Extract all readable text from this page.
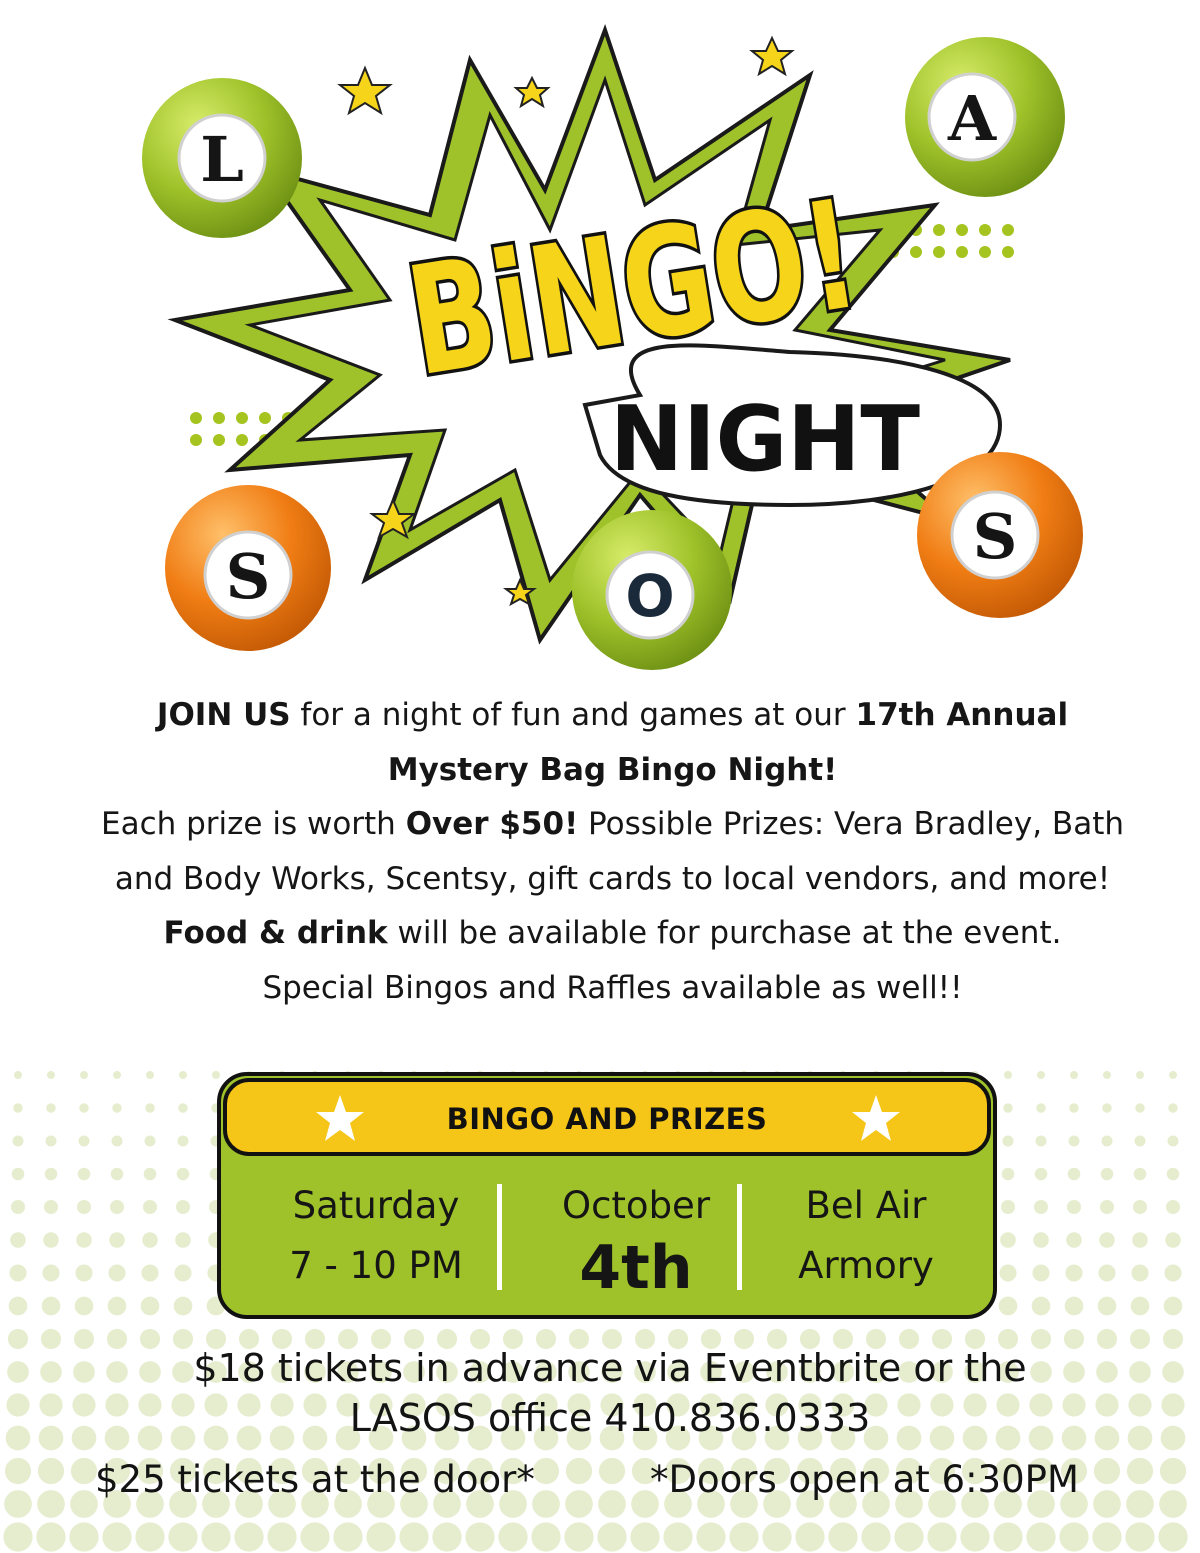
BiNGO!
NIGHT
L
A
S	O
S

JOIN US for a night of fun and games at our 17th Annual
Mystery Bag Bingo Night!

Each prize is worth Over $50! Possible Prizes: Vera Bradley, Bath and Body Works, Scentsy, gift cards to local vendors, and more!

Food & drink will be available for purchase at the event.

Special Bingos and Raffles available as well!!

BINGO AND PRIZES
Saturday
7 - 10 PM
October
4th
Bel Air
Armory

$18 tickets in advance via Eventbrite or the

LASOS office 410.836.0333

$25 tickets at the door*	*Doors open at 6:30PM
